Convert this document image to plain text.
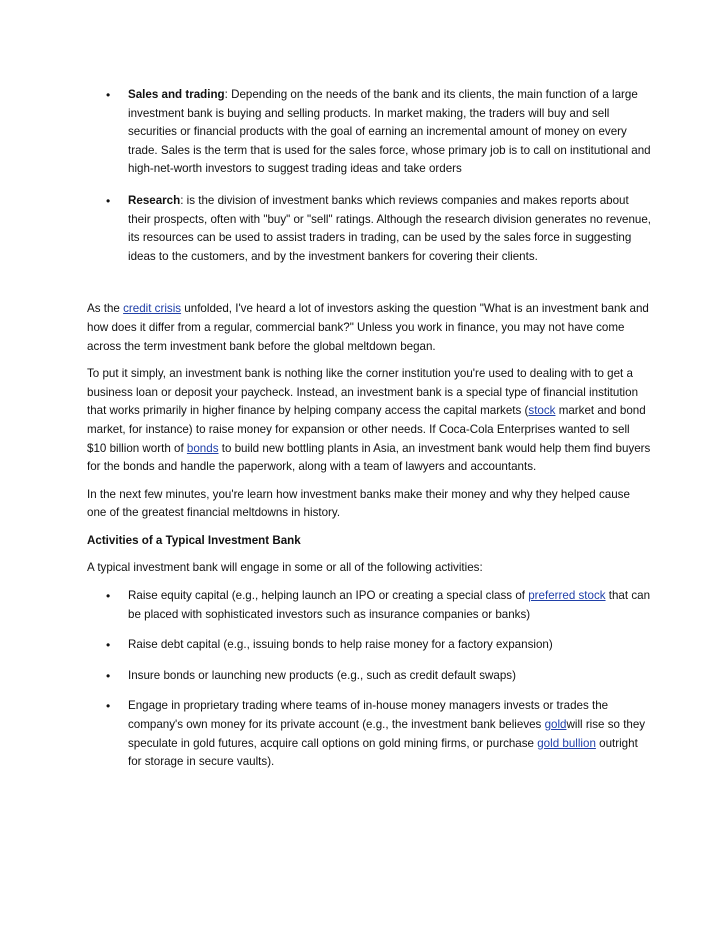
• Sales and trading: Depending on the needs of the bank and its clients, the main function of a large investment bank is buying and selling products. In market making, the traders will buy and sell securities or financial products with the goal of earning an incremental amount of money on every trade. Sales is the term that is used for the sales force, whose primary job is to call on institutional and high-net-worth investors to suggest trading ideas and take orders
• Research: is the division of investment banks which reviews companies and makes reports about their prospects, often with "buy" or "sell" ratings. Although the research division generates no revenue, its resources can be used to assist traders in trading, can be used by the sales force in suggesting ideas to the customers, and by the investment bankers for covering their clients.

As the credit crisis unfolded, I've heard a lot of investors asking the question "What is an investment bank and how does it differ from a regular, commercial bank?" Unless you work in finance, you may not have come across the term investment bank before the global meltdown began.

To put it simply, an investment bank is nothing like the corner institution you're used to dealing with to get a business loan or deposit your paycheck. Instead, an investment bank is a special type of financial institution that works primarily in higher finance by helping company access the capital markets (stock market and bond market, for instance) to raise money for expansion or other needs. If Coca-Cola Enterprises wanted to sell $10 billion worth of bonds to build new bottling plants in Asia, an investment bank would help them find buyers for the bonds and handle the paperwork, along with a team of lawyers and accountants.

In the next few minutes, you're learn how investment banks make their money and why they helped cause one of the greatest financial meltdowns in history.

Activities of a Typical Investment Bank

A typical investment bank will engage in some or all of the following activities:

• Raise equity capital (e.g., helping launch an IPO or creating a special class of preferred stock that can be placed with sophisticated investors such as insurance companies or banks)
• Raise debt capital (e.g., issuing bonds to help raise money for a factory expansion)
• Insure bonds or launching new products (e.g., such as credit default swaps)
• Engage in proprietary trading where teams of in-house money managers invests or trades the company's own money for its private account (e.g., the investment bank believes goldwill rise so they speculate in gold futures, acquire call options on gold mining firms, or purchase gold bullion outright for storage in secure vaults).
